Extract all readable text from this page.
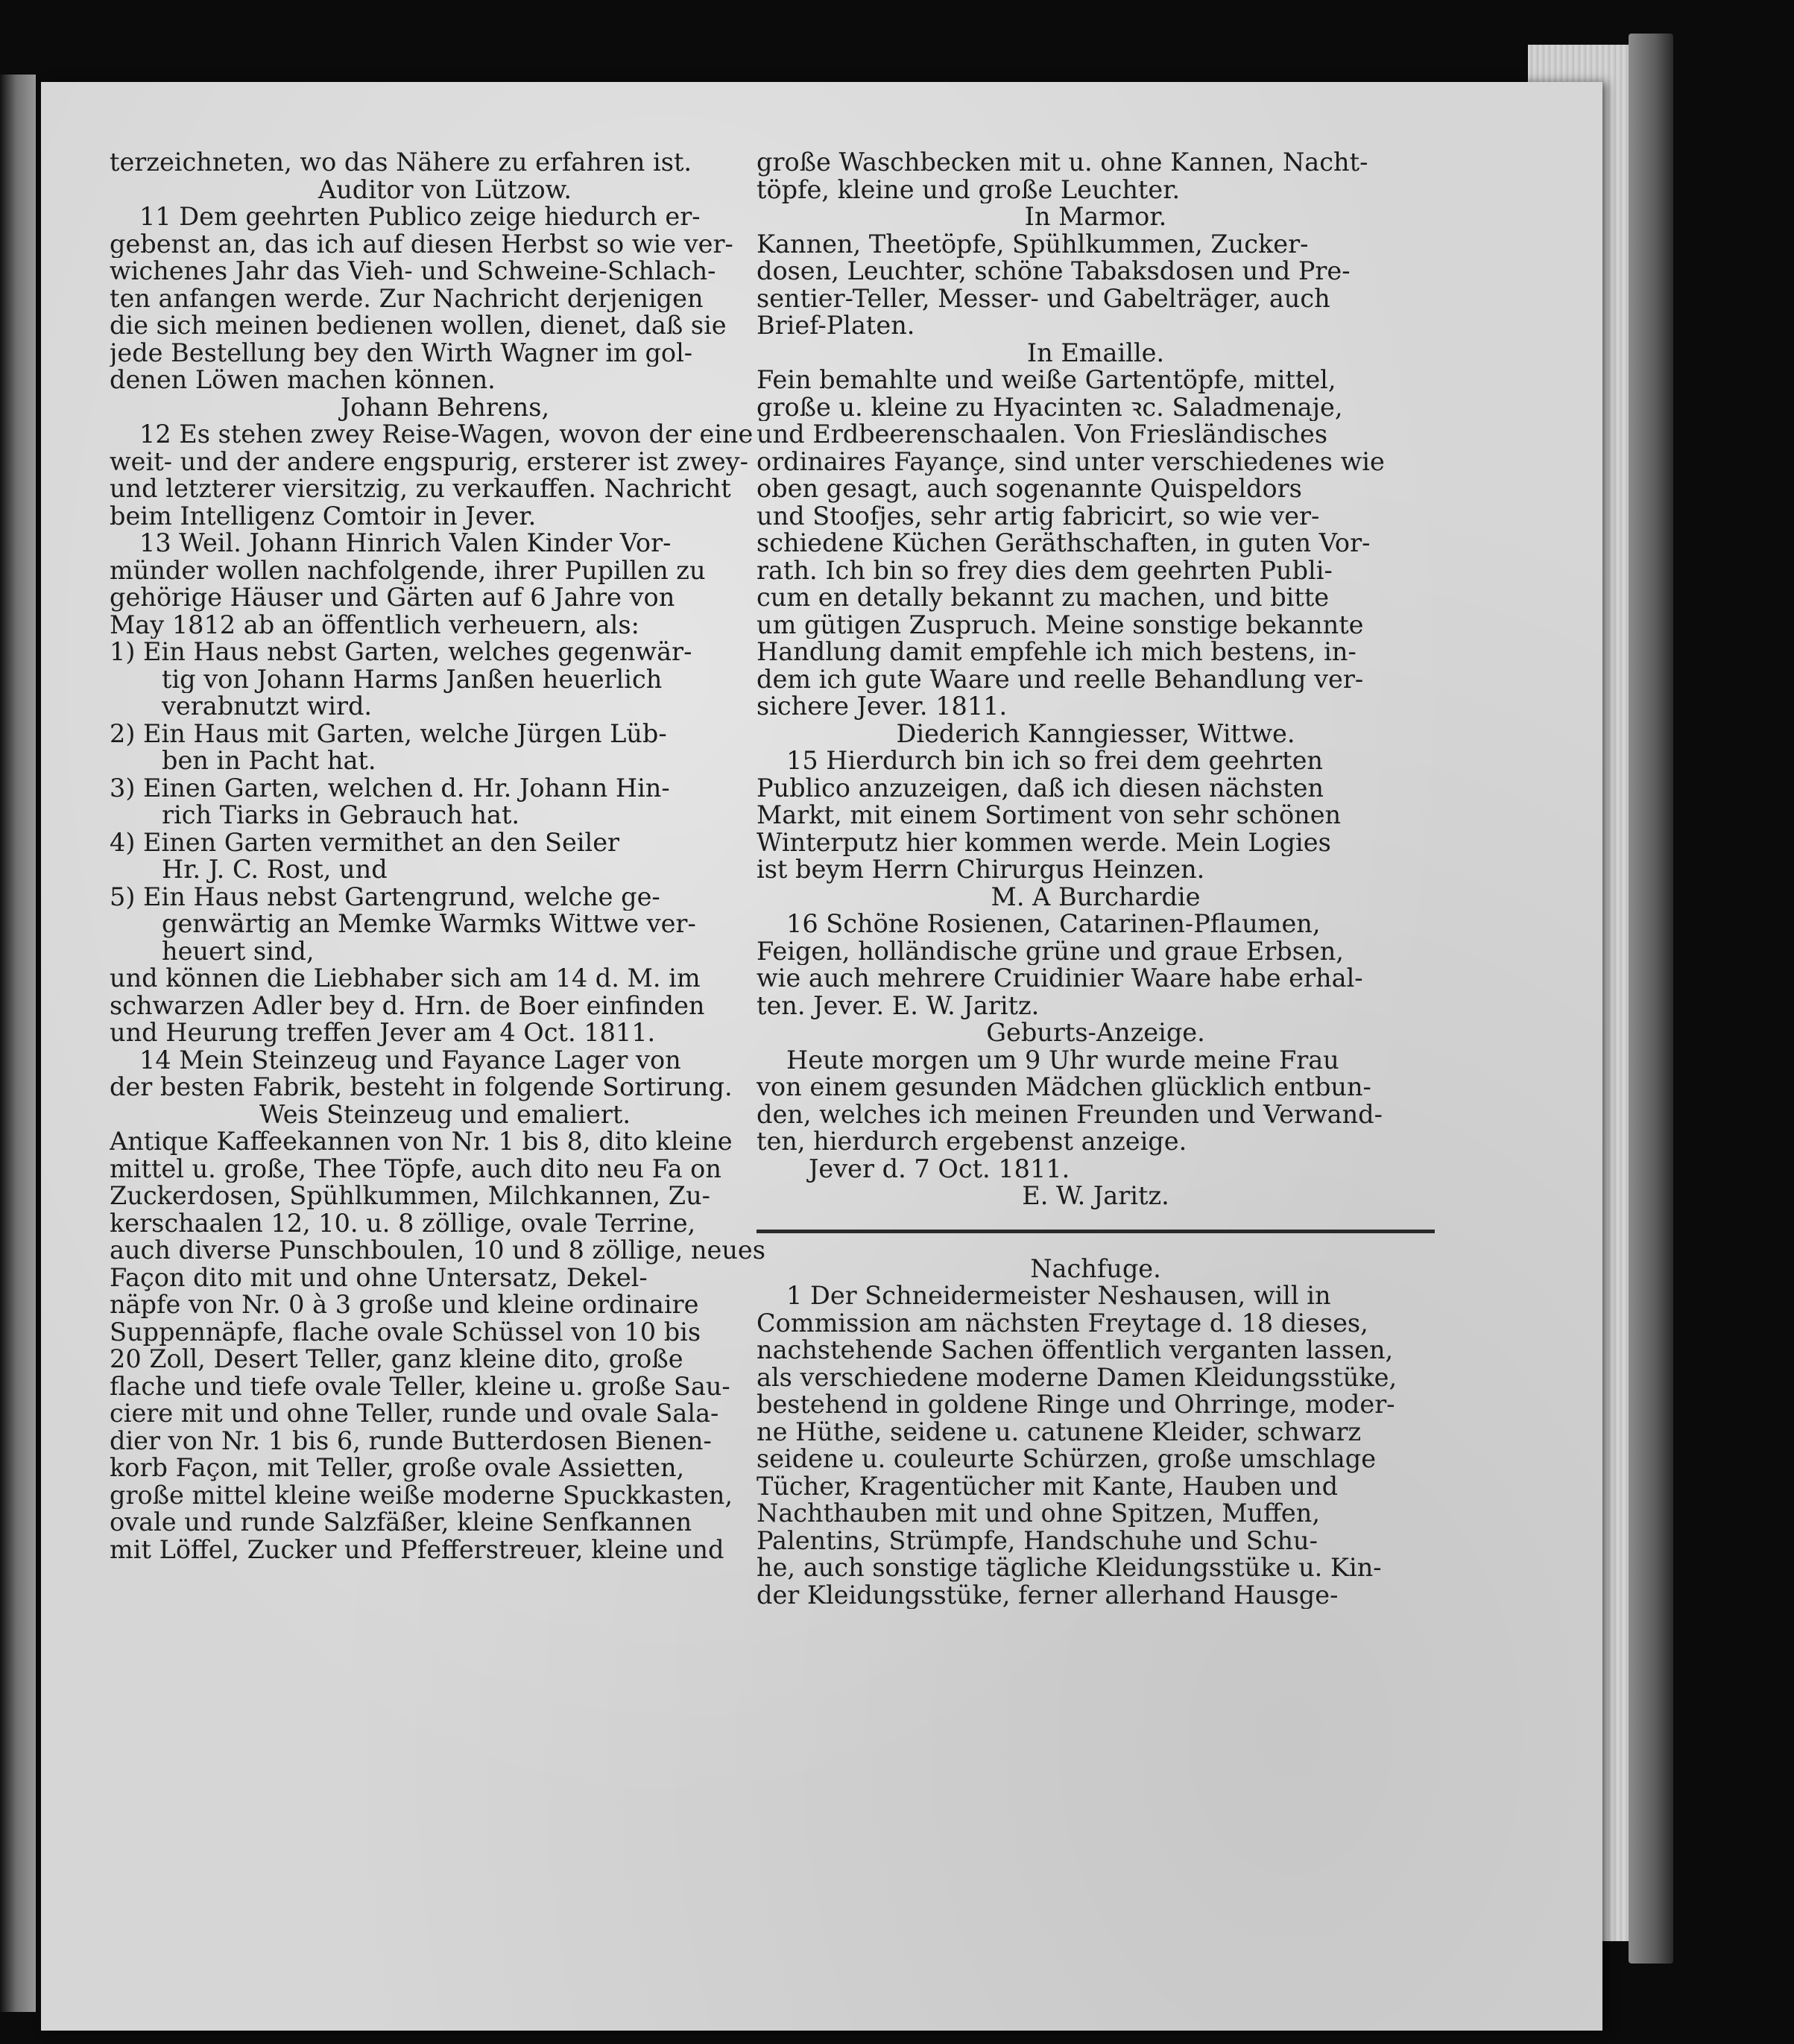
terzeichneten, wo das Nähere zu erfahren ist.
Auditor von Lützow.
11 Dem geehrten Publico zeige hiedurch er-
gebenst an, das ich auf diesen Herbst so wie ver-
wichenes Jahr das Vieh- und Schweine-Schlach-
ten anfangen werde. Zur Nachricht derjenigen
die sich meinen bedienen wollen, dienet, daß sie
jede Bestellung bey den Wirth Wagner im gol-
denen Löwen machen können.
Johann Behrens,
12 Es stehen zwey Reise-Wagen, wovon der eine
weit- und der andere engspurig, ersterer ist zwey-
und letzterer viersitzig, zu verkauffen. Nachricht
beim Intelligenz Comtoir in Jever.
13 Weil. Johann Hinrich Valen Kinder Vor-
münder wollen nachfolgende, ihrer Pupillen zu
gehörige Häuser und Gärten auf 6 Jahre von
May 1812 ab an öffentlich verheuern, als:
1) Ein Haus nebst Garten, welches gegenwär-
tig von Johann Harms Janßen heuerlich
verabnutzt wird.
2) Ein Haus mit Garten, welche Jürgen Lüb-
ben in Pacht hat.
3) Einen Garten, welchen d. Hr. Johann Hin-
rich Tiarks in Gebrauch hat.
4) Einen Garten vermithet an den Seiler
Hr. J. C. Rost, und
5) Ein Haus nebst Gartengrund, welche ge-
genwärtig an Memke Warmks Wittwe ver-
heuert sind,
und können die Liebhaber sich am 14 d. M. im
schwarzen Adler bey d. Hrn. de Boer einfinden
und Heurung treffen Jever am 4 Oct. 1811.
14 Mein Steinzeug und Fayance Lager von
der besten Fabrik, besteht in folgende Sortirung.
Weis Steinzeug und emaliert.
Antique Kaffeekannen von Nr. 1 bis 8, dito kleine
mittel u. große, Thee Töpfe, auch dito neu Fa on
Zuckerdosen, Spühlkummen, Milchkannen, Zu-
kerschaalen 12, 10. u. 8 zöllige, ovale Terrine,
auch diverse Punschboulen, 10 und 8 zöllige, neues
Façon dito mit und ohne Untersatz, Dekel-
näpfe von Nr. 0 à 3 große und kleine ordinaire
Suppennäpfe, flache ovale Schüssel von 10 bis
20 Zoll, Desert Teller, ganz kleine dito, große
flache und tiefe ovale Teller, kleine u. große Sau-
ciere mit und ohne Teller, runde und ovale Sala-
dier von Nr. 1 bis 6, runde Butterdosen Bienen-
korb Façon, mit Teller, große ovale Assietten,
große mittel kleine weiße moderne Spuckkasten,
ovale und runde Salzfäßer, kleine Senfkannen
mit Löffel, Zucker und Pfefferstreuer, kleine und
große Waschbecken mit u. ohne Kannen, Nacht-
töpfe, kleine und große Leuchter.
In Marmor.
Kannen, Theetöpfe, Spühlkummen, Zucker-
dosen, Leuchter, schöne Tabaksdosen und Pre-
sentier-Teller, Messer- und Gabelträger, auch
Brief-Platen.
In Emaille.
Fein bemahlte und weiße Gartentöpfe, mittel,
große u. kleine zu Hyacinten ꝛc. Saladmenaje,
und Erdbeerenschaalen. Von Friesländisches
ordinaires Fayançe, sind unter verschiedenes wie
oben gesagt, auch sogenannte Quispeldors
und Stoofjes, sehr artig fabricirt, so wie ver-
schiedene Küchen Geräthschaften, in guten Vor-
rath. Ich bin so frey dies dem geehrten Publi-
cum en detally bekannt zu machen, und bitte
um gütigen Zuspruch. Meine sonstige bekannte
Handlung damit empfehle ich mich bestens, in-
dem ich gute Waare und reelle Behandlung ver-
sichere Jever. 1811.
Diederich Kanngiesser, Wittwe.
15 Hierdurch bin ich so frei dem geehrten
Publico anzuzeigen, daß ich diesen nächsten
Markt, mit einem Sortiment von sehr schönen
Winterputz hier kommen werde. Mein Logies
ist beym Herrn Chirurgus Heinzen.
M. A Burchardie
16 Schöne Rosienen, Catarinen-Pflaumen,
Feigen, holländische grüne und graue Erbsen,
wie auch mehrere Cruidinier Waare habe erhal-
ten. Jever. E. W. Jaritz.
Geburts-Anzeige.
Heute morgen um 9 Uhr wurde meine Frau
von einem gesunden Mädchen glücklich entbun-
den, welches ich meinen Freunden und Verwand-
ten, hierdurch ergebenst anzeige.
Jever d. 7 Oct. 1811.
E. W. Jaritz.
Nachfuge.
1 Der Schneidermeister Neshausen, will in
Commission am nächsten Freytage d. 18 dieses,
nachstehende Sachen öffentlich verganten lassen,
als verschiedene moderne Damen Kleidungsstüke,
bestehend in goldene Ringe und Ohrringe, moder-
ne Hüthe, seidene u. catunene Kleider, schwarz
seidene u. couleurte Schürzen, große umschlage
Tücher, Kragentücher mit Kante, Hauben und
Nachthauben mit und ohne Spitzen, Muffen,
Palentins, Strümpfe, Handschuhe und Schu-
he, auch sonstige tägliche Kleidungsstüke u. Kin-
der Kleidungsstüke, ferner allerhand Hausge-
